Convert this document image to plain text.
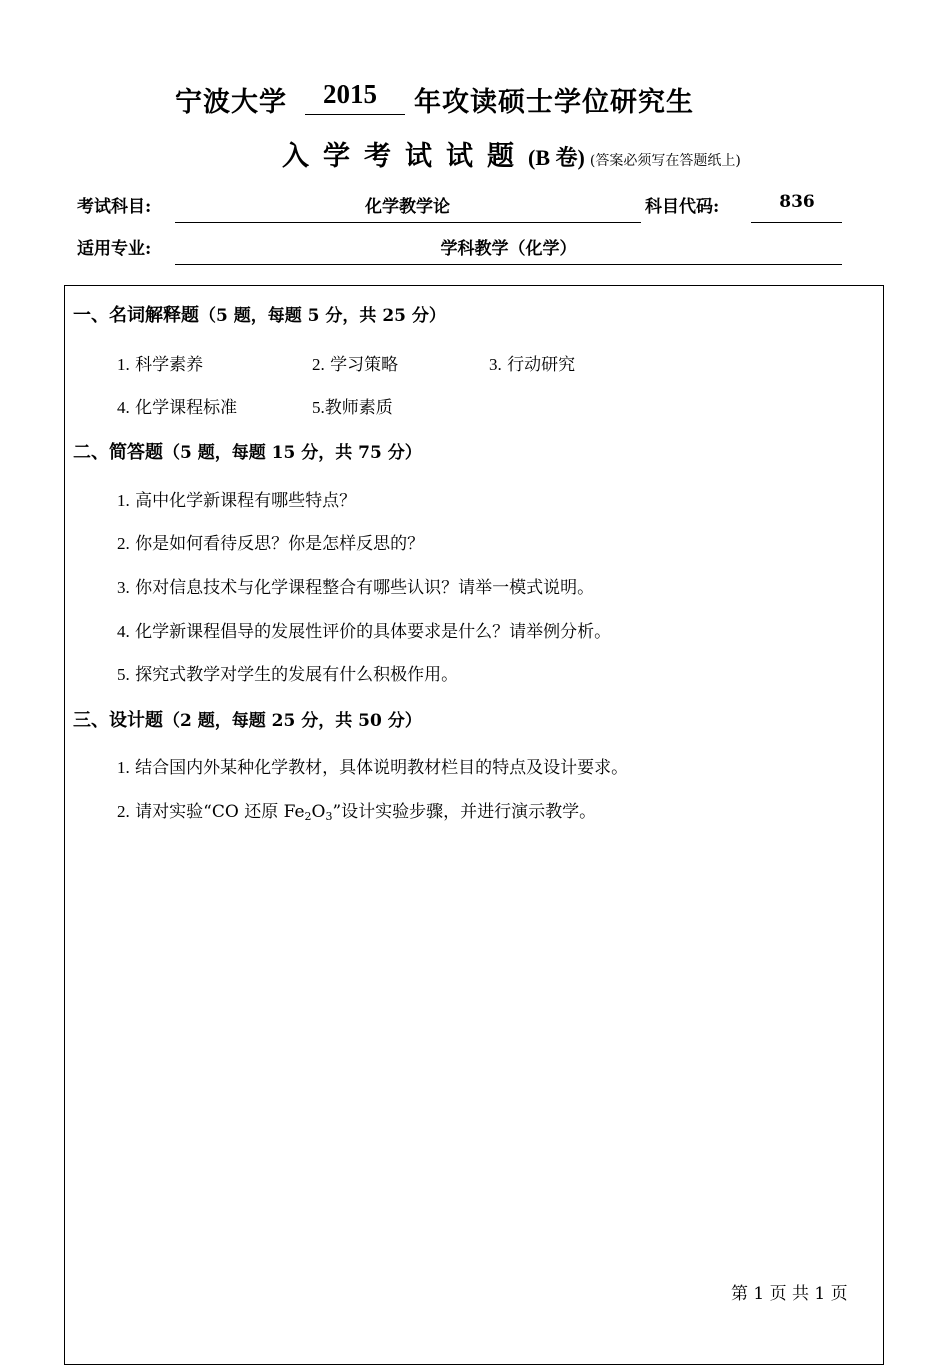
宁波大学 2015 年攻读硕士学位研究生
入学考试试题(B 卷) (答案必须写在答题纸上)
考试科目:	化学教学论	科目代码:	836
适用专业:	学科教学（化学）
一、名词解释题（5 题，每题 5 分，共 25 分）
1. 科学素养	2. 学习策略	3. 行动研究
4. 化学课程标准	5.教师素质
二、简答题（5 题，每题 15 分，共 75 分）
1. 高中化学新课程有哪些特点？
2. 你是如何看待反思？你是怎样反思的？
3. 你对信息技术与化学课程整合有哪些认识？请举一模式说明。
4. 化学新课程倡导的发展性评价的具体要求是什么？请举例分析。
5. 探究式教学对学生的发展有什么积极作用。
三、设计题（2 题，每题 25 分，共 50 分）
1. 结合国内外某种化学教材，具体说明教材栏目的特点及设计要求。
2. 请对实验“CO 还原 $Fe_2O_3$”设计实验步骤，并进行演示教学。
第 1 页 共 1 页
